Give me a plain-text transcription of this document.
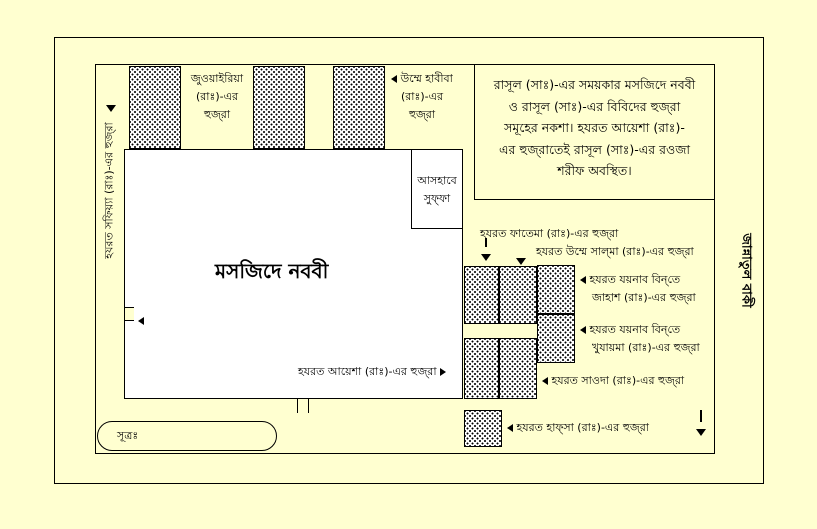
জুওয়াইরিয়া
(রাঃ)-এর
হুজ্‌রা
উম্মে হাবীবা
(রাঃ)-এর
হুজ্‌রা
রাসূল (সাঃ)-এর সময়কার মসজিদে নববী
ও রাসূল (সাঃ)-এর বিবিদের হুজ্‌রা
সমূহের নকশা। হযরত আয়েশা (রাঃ)-
এর হুজ্‌রাতেই রাসূল (সাঃ)-এর রওজা
শরীফ অবস্থিত।
মসজিদে নববী
আসহাবে
সুফ্ফা
হযরত সফিয়্যা (রাঃ)-এর হুজ্‌রা
হযরত আয়েশা (রাঃ)-এর হুজ্‌রা
হযরত ফাতেমা (রাঃ)-এর হুজ্‌রা
হযরত উম্মে সাল্‌মা (রাঃ)-এর হুজ্‌রা
হযরত যয়নাব বিন্‌তে
জাহাশ (রাঃ)-এর হুজ্‌রা
হযরত যয়নাব বিন্‌তে
খুযায়মা (রাঃ)-এর হুজ্‌রা
হযরত সাওদা (রাঃ)-এর হুজ্‌রা
হযরত হাফ্‌সা (রাঃ)-এর হুজ্‌রা
জান্নাতুল বাকী
সূত্রঃ
